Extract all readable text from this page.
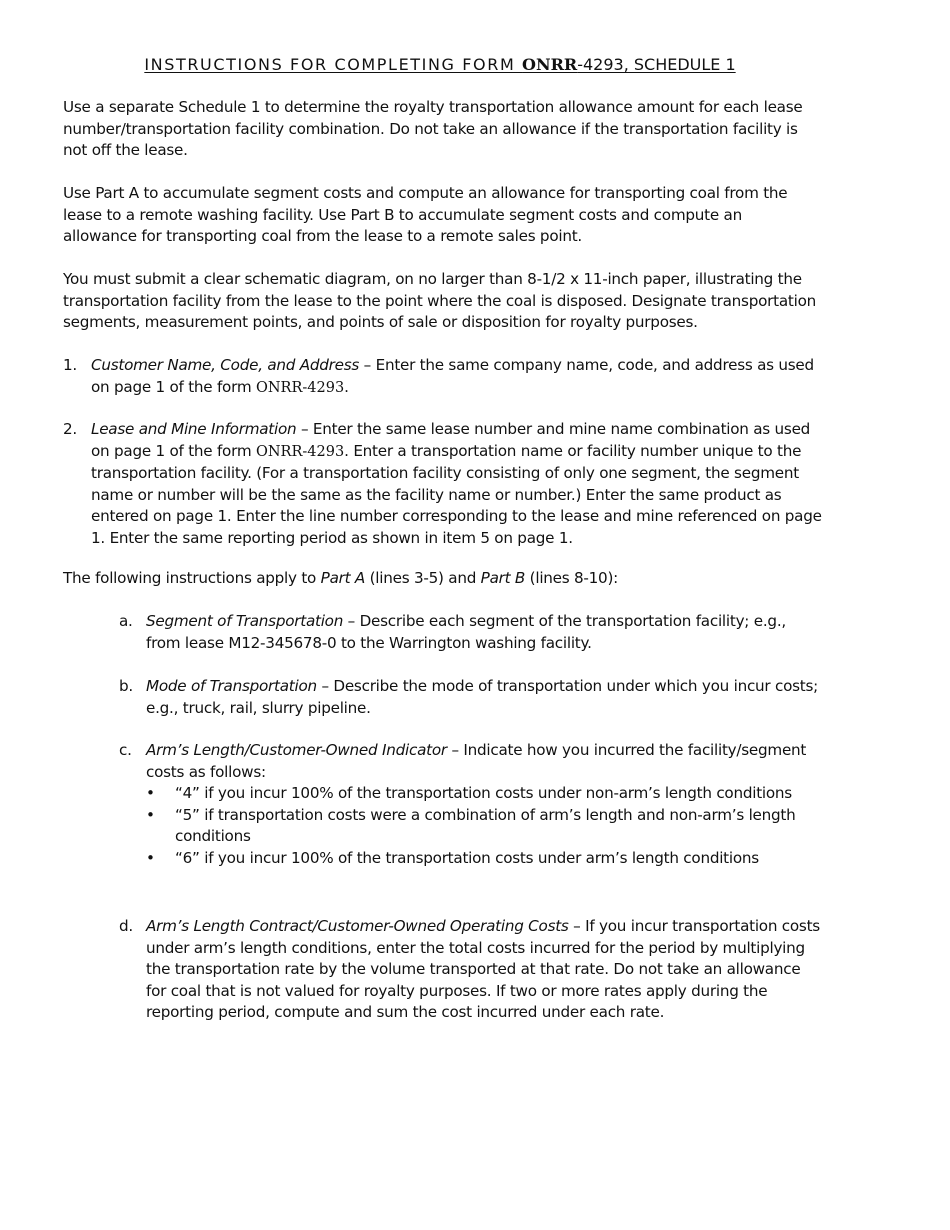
INSTRUCTIONS FOR COMPLETING FORM ONRR-4293, SCHEDULE 1
Use a separate Schedule 1 to determine the royalty transportation allowance amount for each lease number/transportation facility combination. Do not take an allowance if the transportation facility is not off the lease.
Use Part A to accumulate segment costs and compute an allowance for transporting coal from the lease to a remote washing facility. Use Part B to accumulate segment costs and compute an allowance for transporting coal from the lease to a remote sales point.
You must submit a clear schematic diagram, on no larger than 8-1/2 x 11-inch paper, illustrating the transportation facility from the lease to the point where the coal is disposed. Designate transportation segments, measurement points, and points of sale or disposition for royalty purposes.
1. Customer Name, Code, and Address – Enter the same company name, code, and address as used on page 1 of the form ONRR-4293.
2. Lease and Mine Information – Enter the same lease number and mine name combination as used on page 1 of the form ONRR-4293. Enter a transportation name or facility number unique to the transportation facility. (For a transportation facility consisting of only one segment, the segment name or number will be the same as the facility name or number.) Enter the same product as entered on page 1. Enter the line number corresponding to the lease and mine referenced on page 1. Enter the same reporting period as shown in item 5 on page 1.
The following instructions apply to Part A (lines 3-5) and Part B (lines 8-10):
a. Segment of Transportation – Describe each segment of the transportation facility; e.g., from lease M12-345678-0 to the Warrington washing facility.
b. Mode of Transportation – Describe the mode of transportation under which you incur costs; e.g., truck, rail, slurry pipeline.
c. Arm’s Length/Customer-Owned Indicator – Indicate how you incurred the facility/segment costs as follows:
• “4” if you incur 100% of the transportation costs under non-arm’s length conditions
• “5” if transportation costs were a combination of arm’s length and non-arm’s length conditions
• “6” if you incur 100% of the transportation costs under arm’s length conditions
d. Arm’s Length Contract/Customer-Owned Operating Costs – If you incur transportation costs under arm’s length conditions, enter the total costs incurred for the period by multiplying the transportation rate by the volume transported at that rate. Do not take an allowance for coal that is not valued for royalty purposes. If two or more rates apply during the reporting period, compute and sum the cost incurred under each rate.
